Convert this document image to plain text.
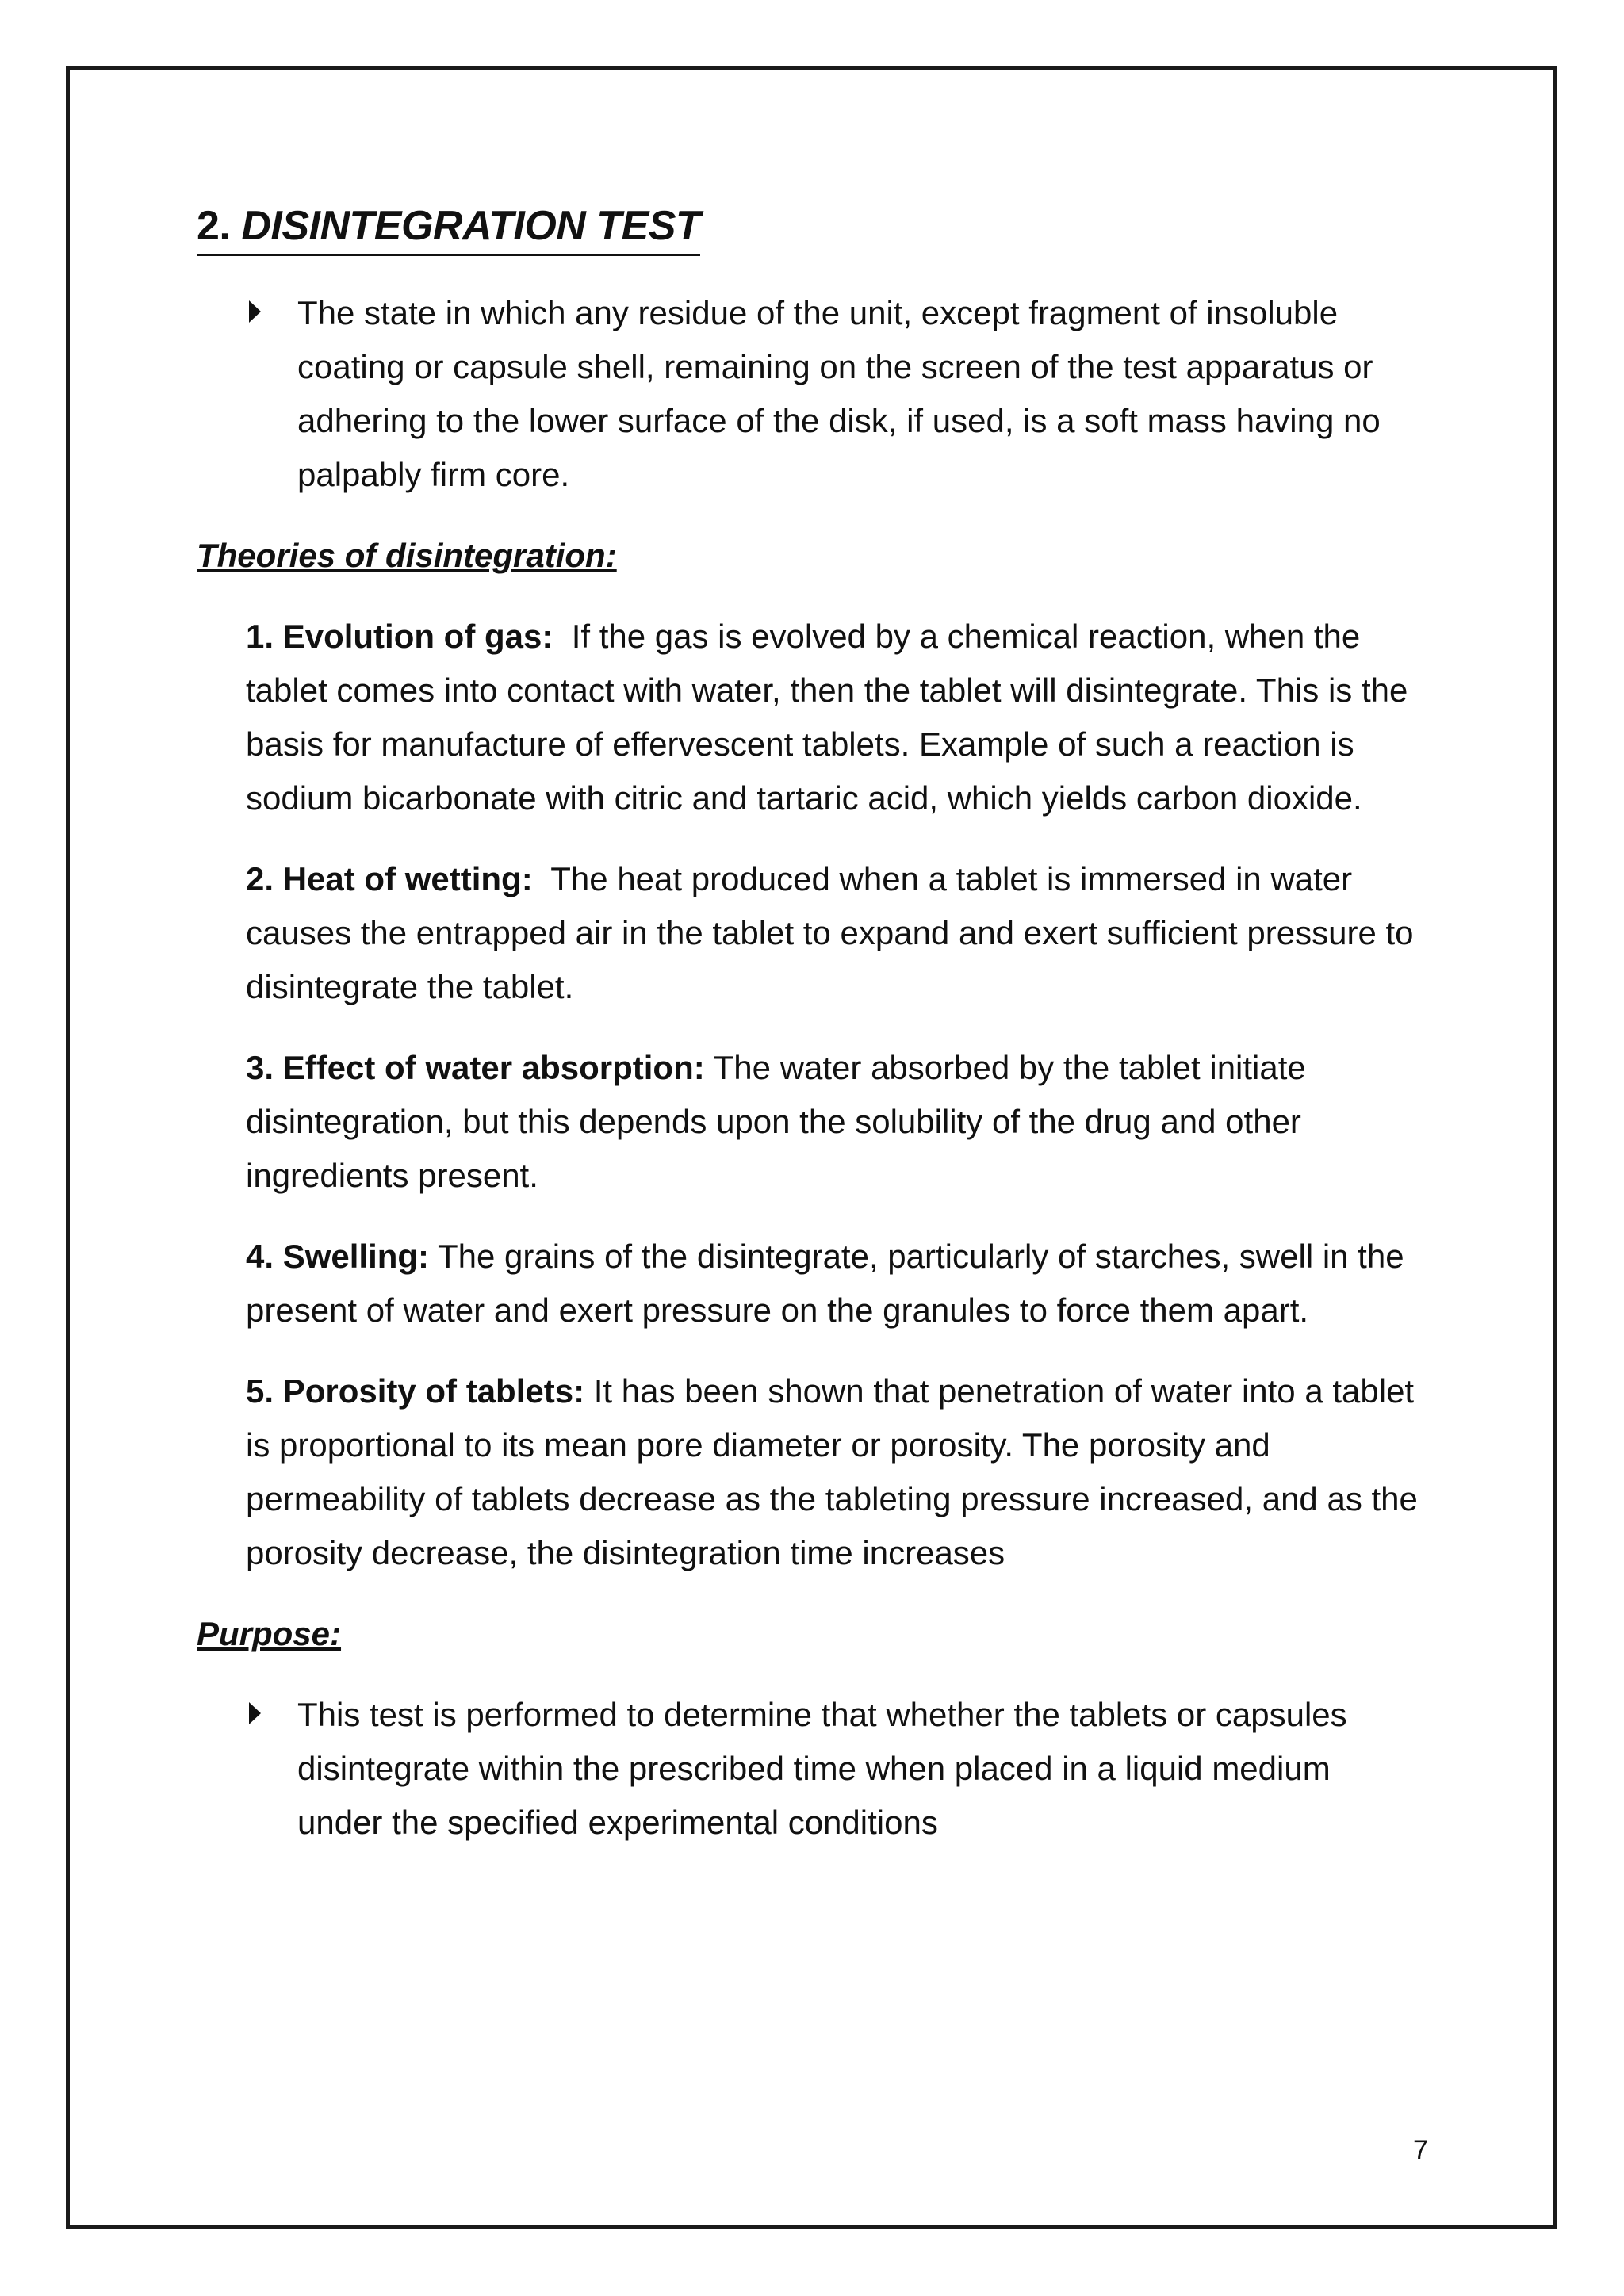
2. DISINTEGRATION TEST
The state in which any residue of the unit, except fragment of insoluble coating or capsule shell, remaining on the screen of the test apparatus or adhering to the lower surface of the disk, if used, is a soft mass having no palpably firm core.

Theories of disintegration:

1. Evolution of gas: If the gas is evolved by a chemical reaction, when the tablet comes into contact with water, then the tablet will disintegrate. This is the basis for manufacture of effervescent tablets. Example of such a reaction is sodium bicarbonate with citric and tartaric acid, which yields carbon dioxide.
2. Heat of wetting: The heat produced when a tablet is immersed in water causes the entrapped air in the tablet to expand and exert sufficient pressure to disintegrate the tablet.
3. Effect of water absorption: The water absorbed by the tablet initiate disintegration, but this depends upon the solubility of the drug and other ingredients present.
4. Swelling: The grains of the disintegrate, particularly of starches, swell in the present of water and exert pressure on the granules to force them apart.
5. Porosity of tablets: It has been shown that penetration of water into a tablet is proportional to its mean pore diameter or porosity. The porosity and permeability of tablets decrease as the tableting pressure increased, and as the porosity decrease, the disintegration time increases

Purpose:

This test is performed to determine that whether the tablets or capsules disintegrate within the prescribed time when placed in a liquid medium under the specified experimental conditions
7
